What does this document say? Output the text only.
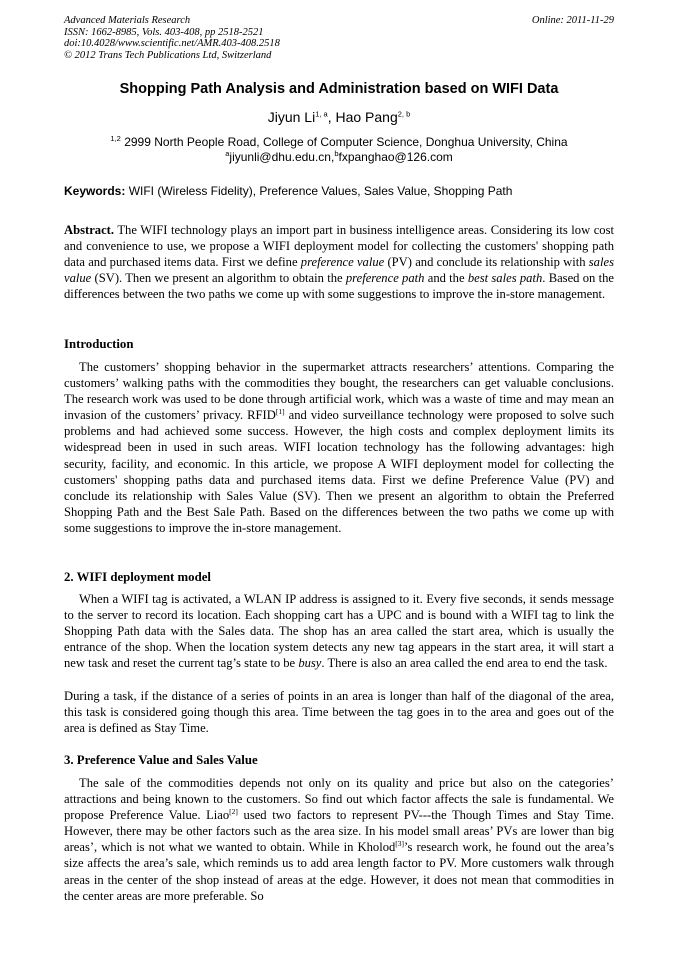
Advanced Materials Research
ISSN: 1662-8985, Vols. 403-408, pp 2518-2521
doi:10.4028/www.scientific.net/AMR.403-408.2518
© 2012 Trans Tech Publications Ltd, Switzerland
Online: 2011-11-29
Shopping Path Analysis and Administration based on WIFI Data
Jiyun Li$^{1, a}$, Hao Pang$^{2, b}$
$^{1,2}$ 2999 North People Road, College of Computer Science, Donghua University, China
$^a$jiyunli@dhu.edu.cn,$^b$fxpanghao@126.com
Keywords: WIFI (Wireless Fidelity), Preference Values, Sales Value, Shopping Path
Abstract. The WIFI technology plays an import part in business intelligence areas. Considering its low cost and convenience to use, we propose a WIFI deployment model for collecting the customers' shopping path data and purchased items data. First we define preference value (PV) and conclude its relationship with sales value (SV). Then we present an algorithm to obtain the preference path and the best sales path. Based on the differences between the two paths we come up with some suggestions to improve the in-store management.
Introduction
The customers’ shopping behavior in the supermarket attracts researchers’ attentions. Comparing the customers’ walking paths with the commodities they bought, the researchers can get valuable conclusions. The research work was used to be done through artificial work, which was a waste of time and may mean an invasion of the customers’ privacy. RFID[1] and video surveillance technology were proposed to solve such problems and had achieved some success. However, the high costs and complex deployment limits its widespread been in used in such areas. WIFI location technology has the following advantages: high security, facility, and economic. In this article, we propose A WIFI deployment model for collecting the customers' shopping paths data and purchased items data. First we define Preference Value (PV) and conclude its relationship with Sales Value (SV). Then we present an algorithm to obtain the Preferred Shopping Path and the Best Sale Path. Based on the differences between the two paths we come up with some suggestions to improve the in-store management.
2. WIFI deployment model
When a WIFI tag is activated, a WLAN IP address is assigned to it. Every five seconds, it sends message to the server to record its location. Each shopping cart has a UPC and is bound with a WIFI tag to link the Shopping Path data with the Sales data. The shop has an area called the start area, which is usually the entrance of the shop. When the location system detects any new tag appears in the start area, it will start a new task and reset the current tag’s state to be busy. There is also an area called the end area to end the task.
During a task, if the distance of a series of points in an area is longer than half of the diagonal of the area, this task is considered going though this area. Time between the tag goes in to the area and goes out of the area is defined as Stay Time.
3. Preference Value and Sales Value
The sale of the commodities depends not only on its quality and price but also on the categories’ attractions and being known to the customers. So find out which factor affects the sale is fundamental. We propose Preference Value. Liao[2] used two factors to represent PV---the Though Times and Stay Time. However, there may be other factors such as the area size. In his model small areas’ PVs are lower than big areas’, which is not what we wanted to obtain. While in Kholod[3]’s research work, he found out the area’s size affects the area’s sale, which reminds us to add area length factor to PV. More customers walk through areas in the center of the shop instead of areas at the edge. However, it does not mean that commodities in the center areas are more preferable. So
